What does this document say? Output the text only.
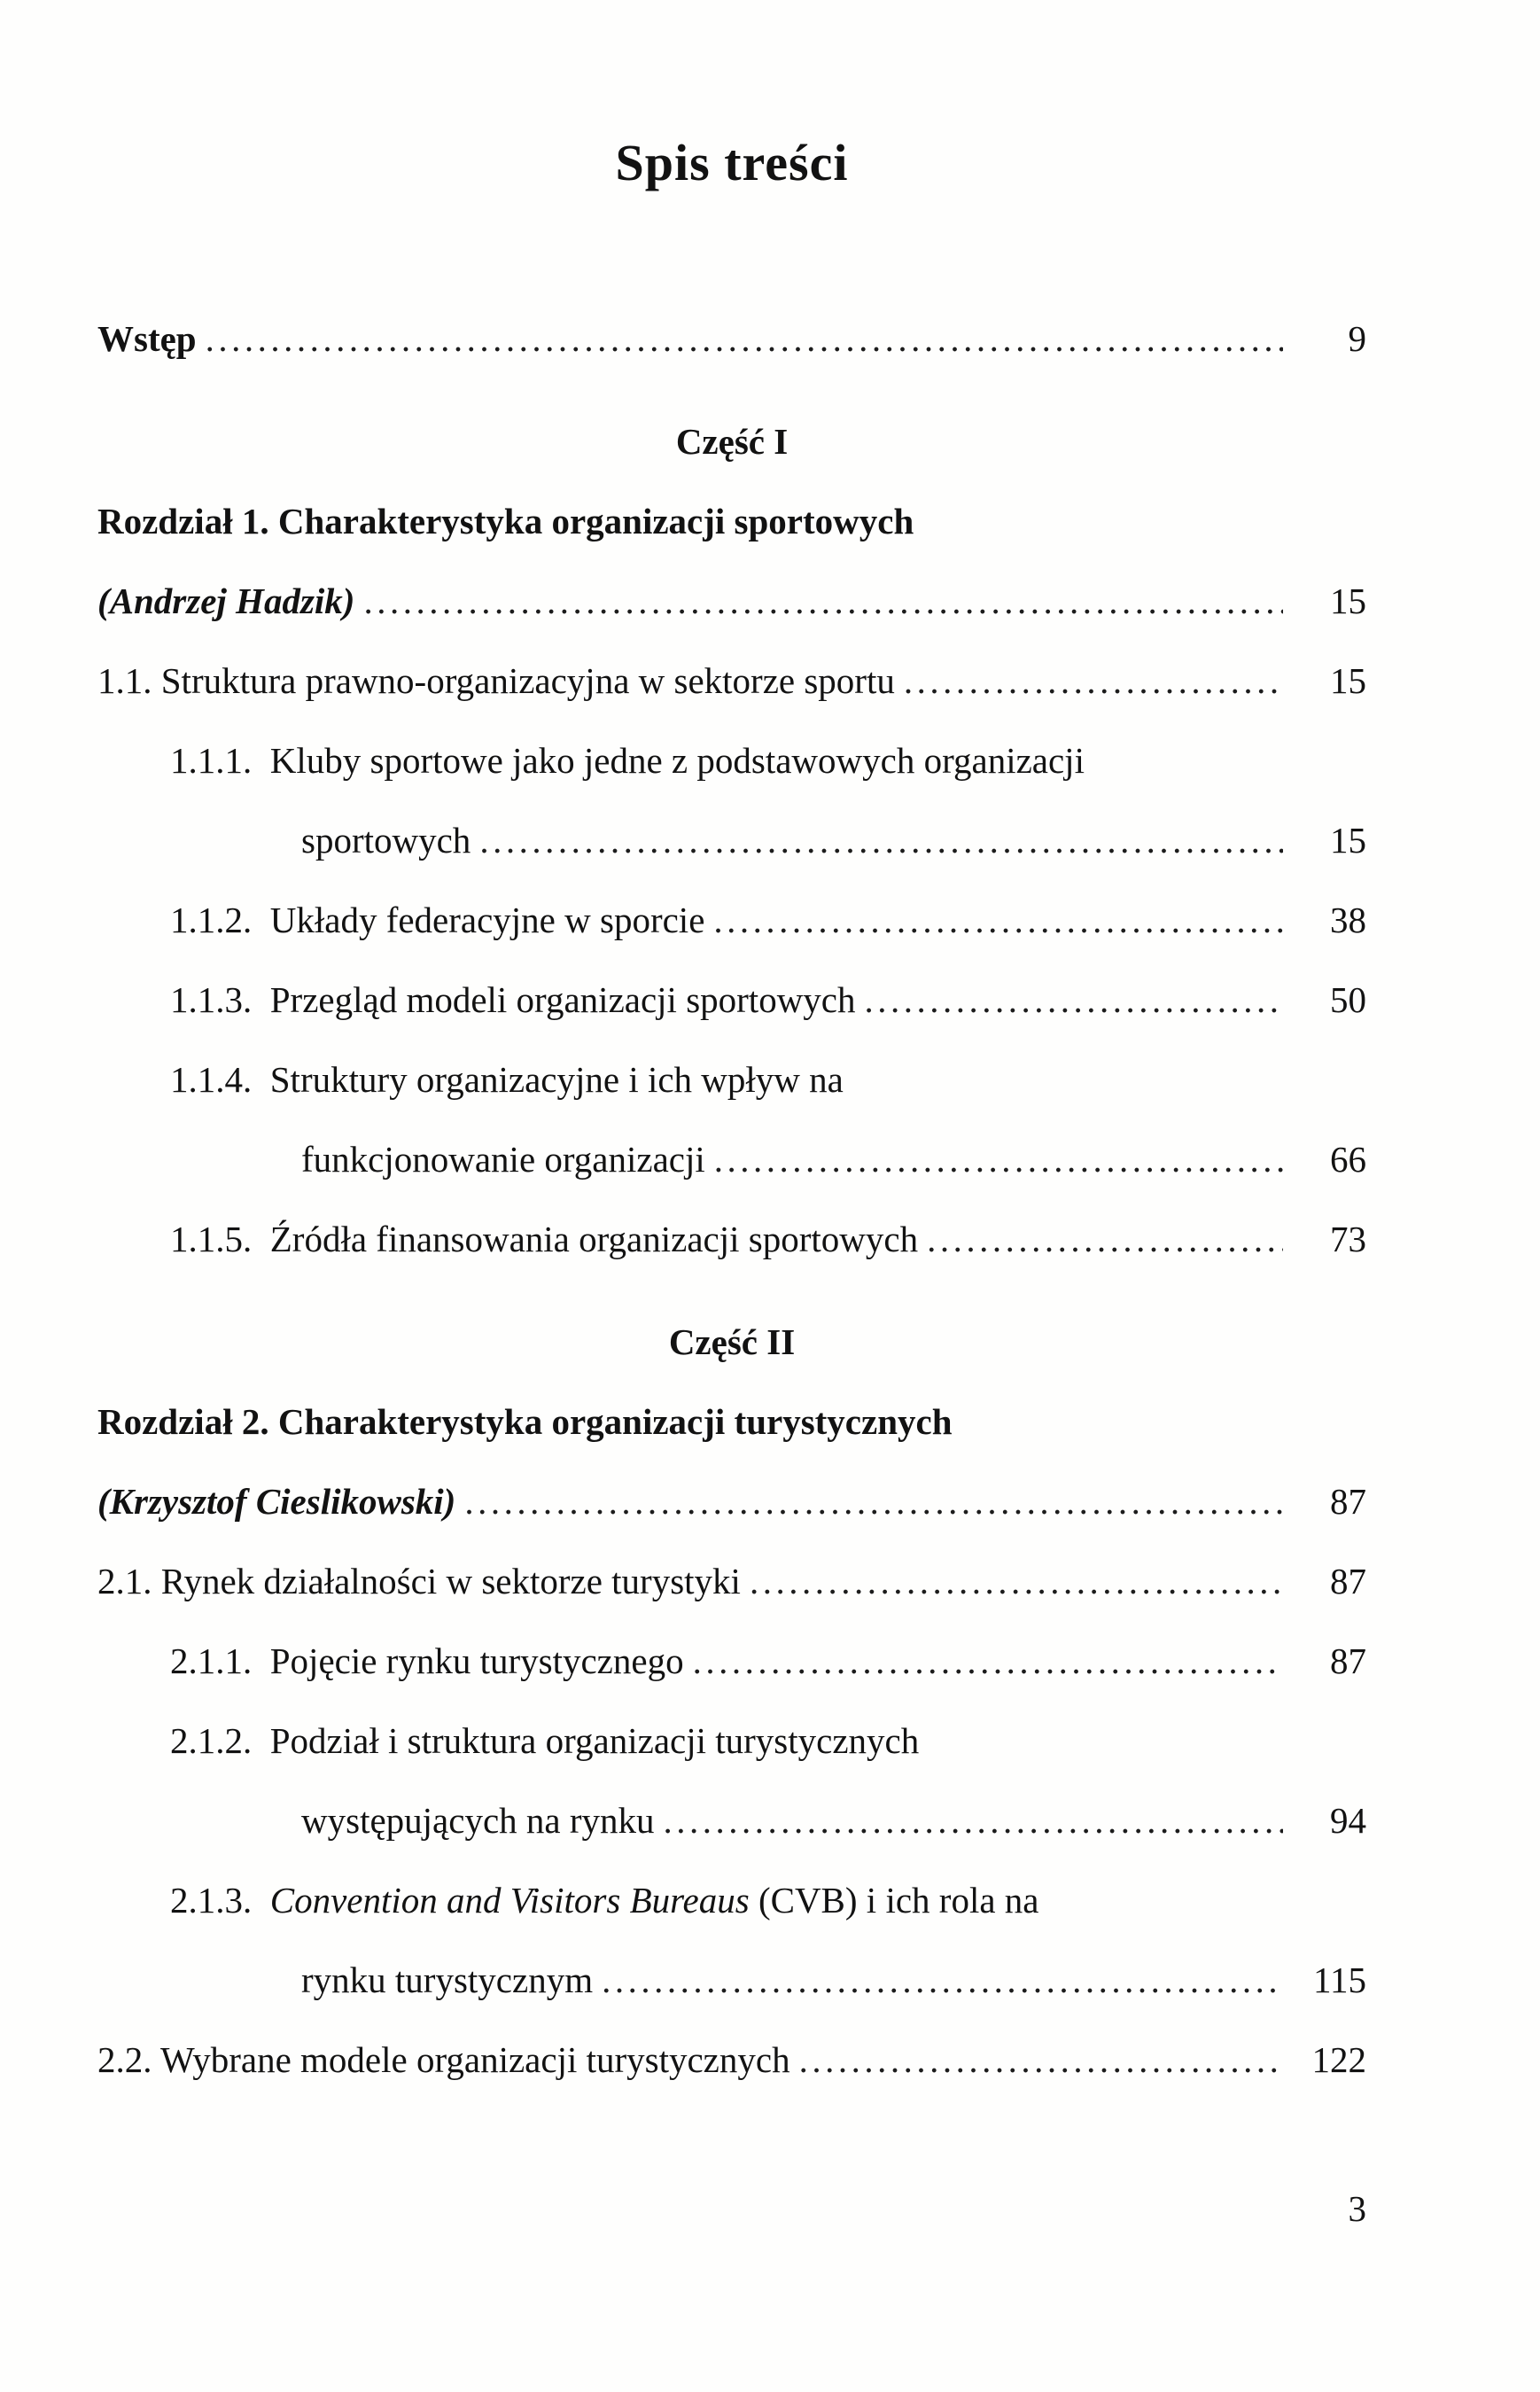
Spis treści
Wstęp .....	9
Część I
Rozdział 1. Charakterystyka organizacji sportowych
(Andrzej Hadzik) .....	15
1.1. Struktura prawno-organizacyjna w sektorze sportu .....	15
1.1.1.  Kluby sportowe jako jedne z podstawowych organizacji
sportowych .....	15
1.1.2.  Układy federacyjne w sporcie .....	38
1.1.3.  Przegląd modeli organizacji sportowych .....	50
1.1.4.  Struktury organizacyjne i ich wpływ na
funkcjonowanie organizacji .....	66
1.1.5.  Źródła finansowania organizacji sportowych .....	73
Część II
Rozdział 2. Charakterystyka organizacji turystycznych
(Krzysztof Cieslikowski) .....	87
2.1. Rynek działalności w sektorze turystyki .....	87
2.1.1.  Pojęcie rynku turystycznego .....	87
2.1.2.  Podział i struktura organizacji turystycznych
występujących na rynku .....	94
2.1.3.  Convention and Visitors Bureaus (CVB) i ich rola na
rynku turystycznym .....	115
2.2. Wybrane modele organizacji turystycznych .....	122
3
